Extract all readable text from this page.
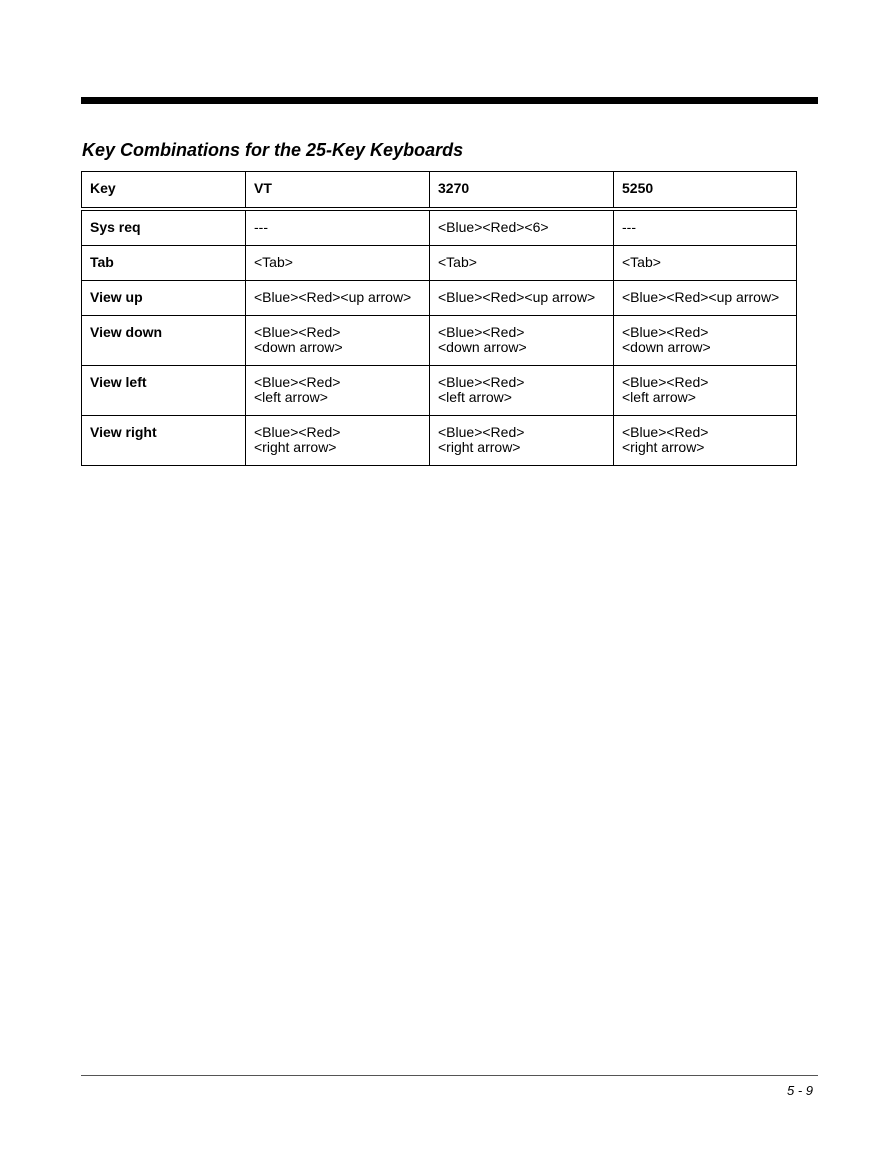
Key Combinations for the 25-Key Keyboards
Key	VT	3270	5250
Sys req	---	<Blue><Red><6>	---

Tab	<Tab>	<Tab>	<Tab>

View up	<Blue><Red><up arrow>	<Blue><Red><up arrow>	<Blue><Red><up arrow>

View down	<Blue><Red>
<down arrow>	<Blue><Red>
<down arrow>	<Blue><Red>
<down arrow>

View left	<Blue><Red>
<left arrow>	<Blue><Red>
<left arrow>	<Blue><Red>
<left arrow>

View right	<Blue><Red>
<right arrow>	<Blue><Red>
<right arrow>	<Blue><Red>
<right arrow>
5 - 9
